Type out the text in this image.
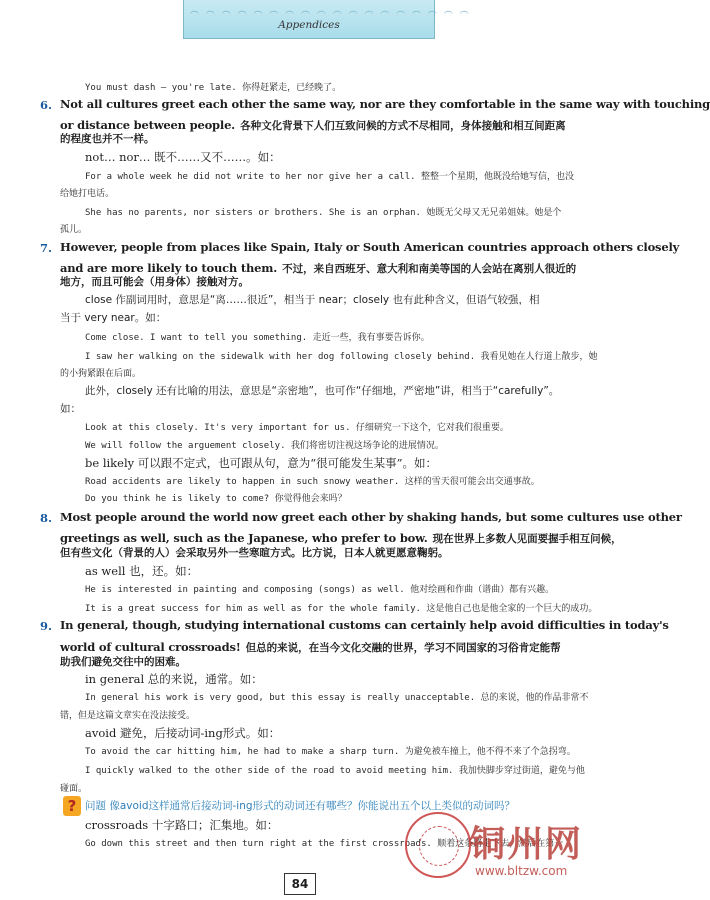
︵ ︵ ︵ ︵ ︵ ︵ ︵ ︵ ︵ ︵ ︵ ︵ ︵ ︵ ︵ ︵ ︵ ︵
Appendices
You must dash — you're late. 你得赶紧走，已经晚了。
6. Not all cultures greet each other the same way, nor are they comfortable in the same way with touching
or distance between people. 各种文化背景下人们互致问候的方式不尽相同，身体接触和相互间距离
的程度也并不一样。
not… nor… 既不……又不……。如：
For a whole week he did not write to her nor give her a call. 整整一个星期，他既没给她写信，也没
给她打电话。
She has no parents, nor sisters or brothers. She is an orphan. 她既无父母又无兄弟姐妹。她是个
孤儿。
7. However, people from places like Spain, Italy or South American countries approach others closely
and are more likely to touch them. 不过，来自西班牙、意大利和南美等国的人会站在离别人很近的
地方，而且可能会（用身体）接触对方。
close 作副词用时，意思是“离……很近”，相当于 near；closely 也有此种含义，但语气较强，相
当于 very near。如：
Come close. I want to tell you something. 走近一些，我有事要告诉你。
I saw her walking on the sidewalk with her dog following closely behind. 我看见她在人行道上散步，她
的小狗紧跟在后面。
此外，closely 还有比喻的用法，意思是“亲密地”，也可作“仔细地，严密地”讲，相当于“carefully”。
如：
Look at this closely. It's very important for us. 仔细研究一下这个，它对我们很重要。
We will follow the arguement closely. 我们将密切注视这场争论的进展情况。
be likely 可以跟不定式，也可跟从句，意为“很可能发生某事”。如：
Road accidents are likely to happen in such snowy weather. 这样的雪天很可能会出交通事故。
Do you think he is likely to come? 你觉得他会来吗？
8. Most people around the world now greet each other by shaking hands, but some cultures use other
greetings as well, such as the Japanese, who prefer to bow. 现在世界上多数人见面要握手相互问候，
但有些文化（背景的人）会采取另外一些寒暄方式。比方说，日本人就更愿意鞠躬。
as well 也，还。如：
He is interested in painting and composing (songs) as well. 他对绘画和作曲（谱曲）都有兴趣。
It is a great success for him as well as for the whole family. 这是他自己也是他全家的一个巨大的成功。
9. In general, though, studying international customs can certainly help avoid difficulties in today's
world of cultural crossroads! 但总的来说，在当今文化交融的世界，学习不同国家的习俗肯定能帮
助我们避免交往中的困难。
in general 总的来说，通常。如：
In general his work is very good, but this essay is really unacceptable. 总的来说，他的作品非常不
错，但是这篇文章实在没法接受。
avoid 避免，后接动词-ing形式。如：
To avoid the car hitting him, he had to make a sharp turn. 为避免被车撞上，他不得不来了个急拐弯。
I quickly walked to the other side of the road to avoid meeting him. 我加快脚步穿过街道，避免与他
碰面。
? 问题 像avoid这样通常后接动词-ing形式的动词还有哪些？你能说出五个以上类似的动词吗？
crossroads 十字路口；汇集地。如：
Go down this street and then turn right at the first crossroads. 顺着这条路走下去，然后在第一
铜州网
www.bltzw.com
84
